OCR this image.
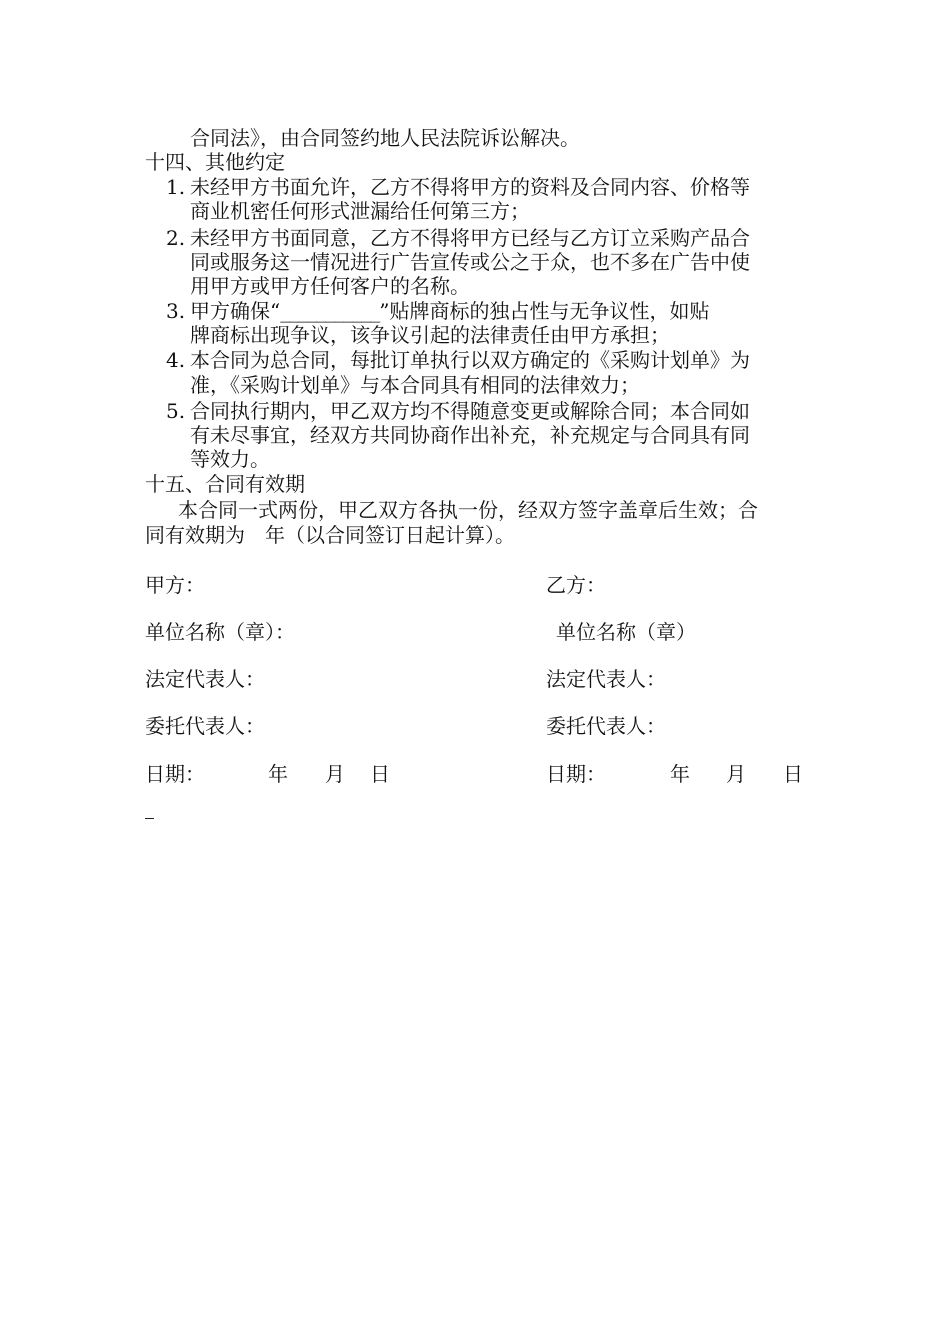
合同法》，由合同签约地人民法院诉讼解决。
十四、其他约定
1. 未经甲方书面允许，乙方不得将甲方的资料及合同内容、价格等
商业机密任何形式泄漏给任何第三方；
2. 未经甲方书面同意，乙方不得将甲方已经与乙方订立采购产品合
同或服务这一情况进行广告宣传或公之于众，也不多在广告中使
用甲方或甲方任何客户的名称。
3. 甲方确保“___________”贴牌商标的独占性与无争议性，如贴
牌商标出现争议，该争议引起的法律责任由甲方承担；
4. 本合同为总合同，每批订单执行以双方确定的《采购计划单》为
准，《采购计划单》与本合同具有相同的法律效力；
5. 合同执行期内，甲乙双方均不得随意变更或解除合同；本合同如
有未尽事宜，经双方共同协商作出补充，补充规定与合同具有同
等效力。
十五、合同有效期
本合同一式两份，甲乙双方各执一份，经双方签字盖章后生效；合
同有效期为　年（以合同签订日起计算）。
甲方：
单位名称（章）：
法定代表人：
委托代表人：
日期：	年 月 日
乙方：
单位名称（章）
法定代表人：
委托代表人：
日期：	年 月 日
